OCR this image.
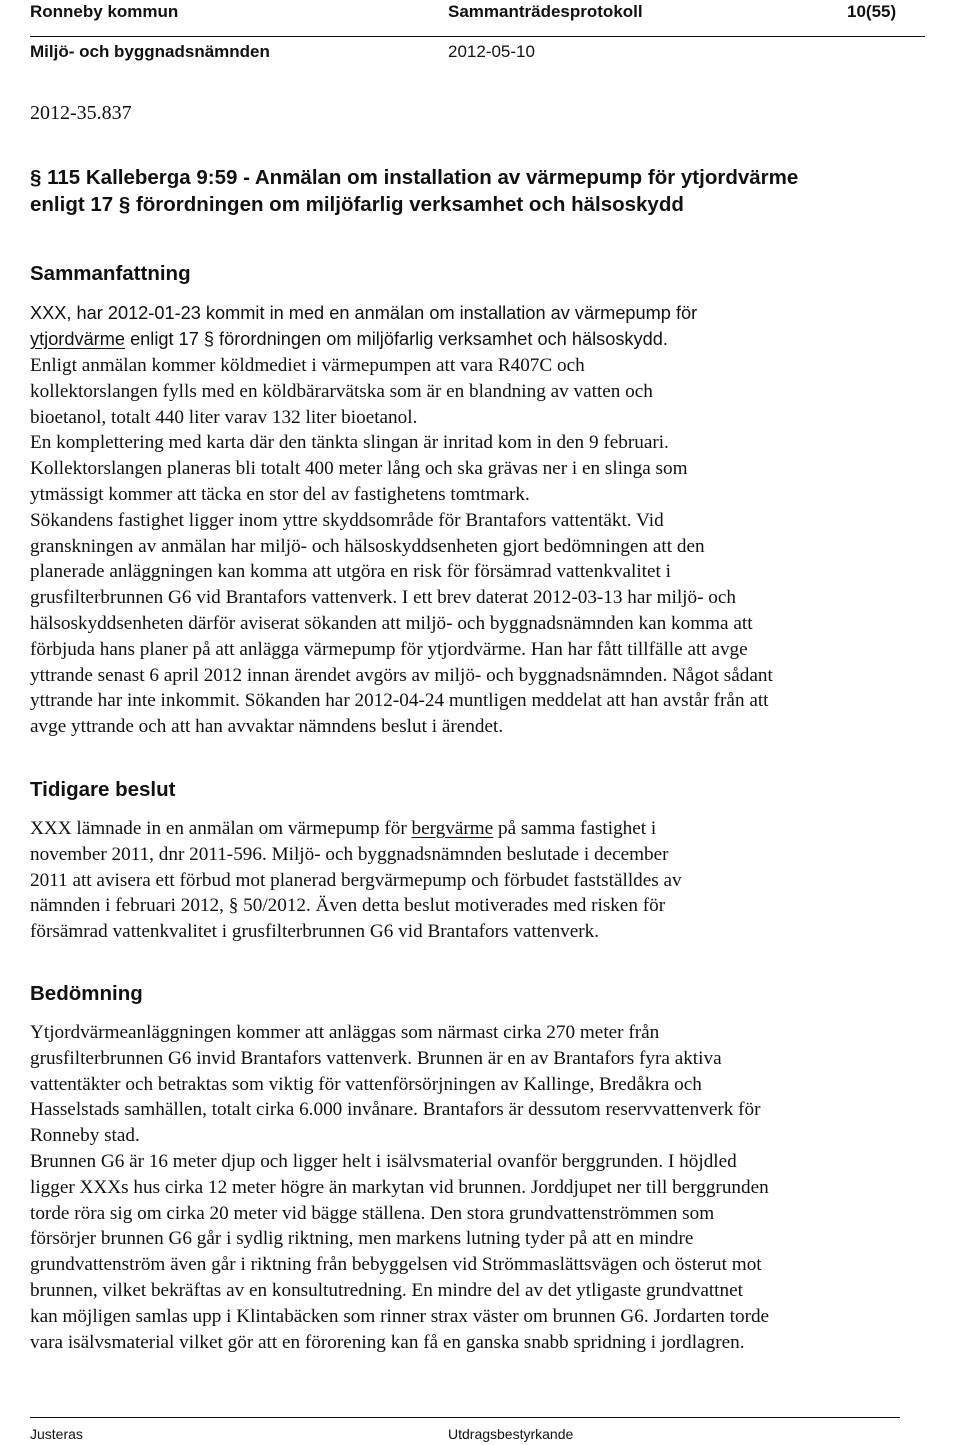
Ronneby kommun	Sammanträdesprotokoll	10(55)
Miljö- och byggnadsnämnden	2012-05-10
2012-35.837
§ 115 Kalleberga 9:59 - Anmälan om installation av värmepump för ytjordvärme
enligt 17 § förordningen om miljöfarlig verksamhet och hälsoskydd
Sammanfattning
XXX, har 2012-01-23 kommit in med en anmälan om installation av värmepump för
ytjordvärme enligt 17 § förordningen om miljöfarlig verksamhet och hälsoskydd.
Enligt anmälan kommer köldmediet i värmepumpen att vara R407C och
kollektorslangen fylls med en köldbärarvätska som är en blandning av vatten och
bioetanol, totalt 440 liter varav 132 liter bioetanol.
En komplettering med karta där den tänkta slingan är inritad kom in den 9 februari.
Kollektorslangen planeras bli totalt 400 meter lång och ska grävas ner i en slinga som
ytmässigt kommer att täcka en stor del av fastighetens tomtmark.
Sökandens fastighet ligger inom yttre skyddsområde för Brantafors vattentäkt. Vid
granskningen av anmälan har miljö- och hälsoskyddsenheten gjort bedömningen att den
planerade anläggningen kan komma att utgöra en risk för försämrad vattenkvalitet i
grusfilterbrunnen G6 vid Brantafors vattenverk. I ett brev daterat 2012-03-13 har miljö- och
hälsoskyddsenheten därför aviserat sökanden att miljö- och byggnadsnämnden kan komma att
förbjuda hans planer på att anlägga värmepump för ytjordvärme. Han har fått tillfälle att avge
yttrande senast 6 april 2012 innan ärendet avgörs av miljö- och byggnadsnämnden. Något sådant
yttrande har inte inkommit. Sökanden har 2012-04-24 muntligen meddelat att han avstår från att
avge yttrande och att han avvaktar nämndens beslut i ärendet.
Tidigare beslut
XXX lämnade in en anmälan om värmepump för bergvärme på samma fastighet i
november 2011, dnr 2011-596. Miljö- och byggnadsnämnden beslutade i december
2011 att avisera ett förbud mot planerad bergvärmepump och förbudet fastställdes av
nämnden i februari 2012, § 50/2012. Även detta beslut motiverades med risken för
försämrad vattenkvalitet i grusfilterbrunnen G6 vid Brantafors vattenverk.
Bedömning
Ytjordvärmeanläggningen kommer att anläggas som närmast cirka 270 meter från
grusfilterbrunnen G6 invid Brantafors vattenverk. Brunnen är en av Brantafors fyra aktiva
vattentäkter och betraktas som viktig för vattenförsörjningen av Kallinge, Bredåkra och
Hasselstads samhällen, totalt cirka 6.000 invånare. Brantafors är dessutom reservvattenverk för
Ronneby stad.
Brunnen G6 är 16 meter djup och ligger helt i isälvsmaterial ovanför berggrunden. I höjdled
ligger XXXs hus cirka 12 meter högre än markytan vid brunnen. Jorddjupet ner till berggrunden
torde röra sig om cirka 20 meter vid bägge ställena. Den stora grundvattenströmmen som
försörjer brunnen G6 går i sydlig riktning, men markens lutning tyder på att en mindre
grundvattenström även går i riktning från bebyggelsen vid Strömmaslättsvägen och österut mot
brunnen, vilket bekräftas av en konsultutredning. En mindre del av det ytligaste grundvattnet
kan möjligen samlas upp i Klintabäcken som rinner strax väster om brunnen G6. Jordarten torde
vara isälvsmaterial vilket gör att en förorening kan få en ganska snabb spridning i jordlagren.
Justeras	Utdragsbestyrkande
